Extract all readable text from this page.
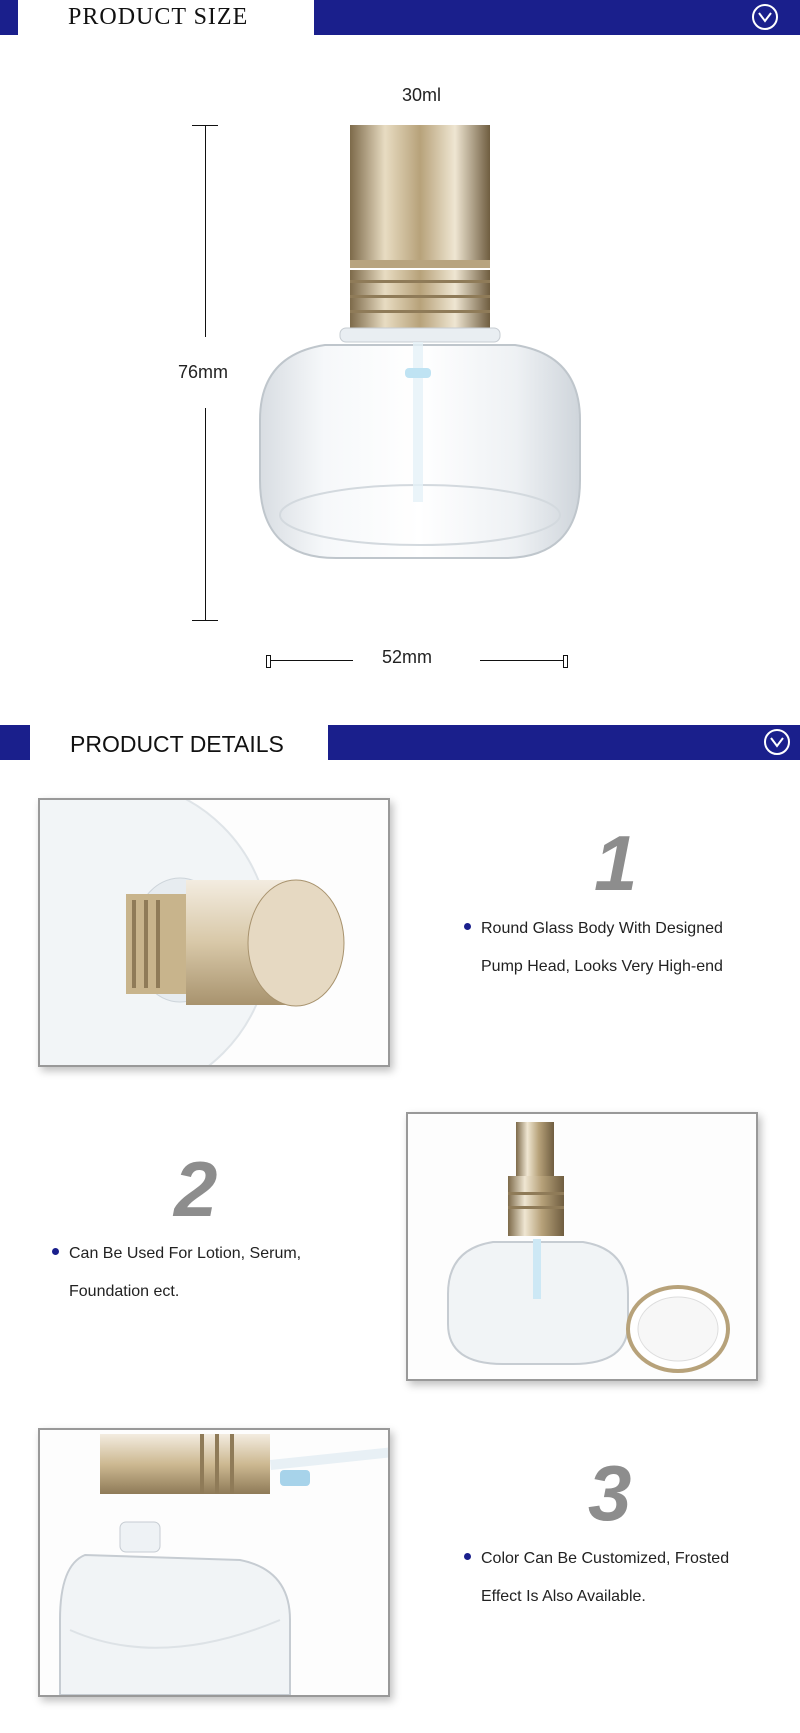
PRODUCT SIZE
30ml
76mm
52mm
PRODUCT DETAILS
1
Round Glass Body With Designed
Pump Head, Looks Very High-end
2
Can Be Used For Lotion, Serum,
Foundation ect.
3
Color Can Be Customized, Frosted
Effect Is Also Available.
